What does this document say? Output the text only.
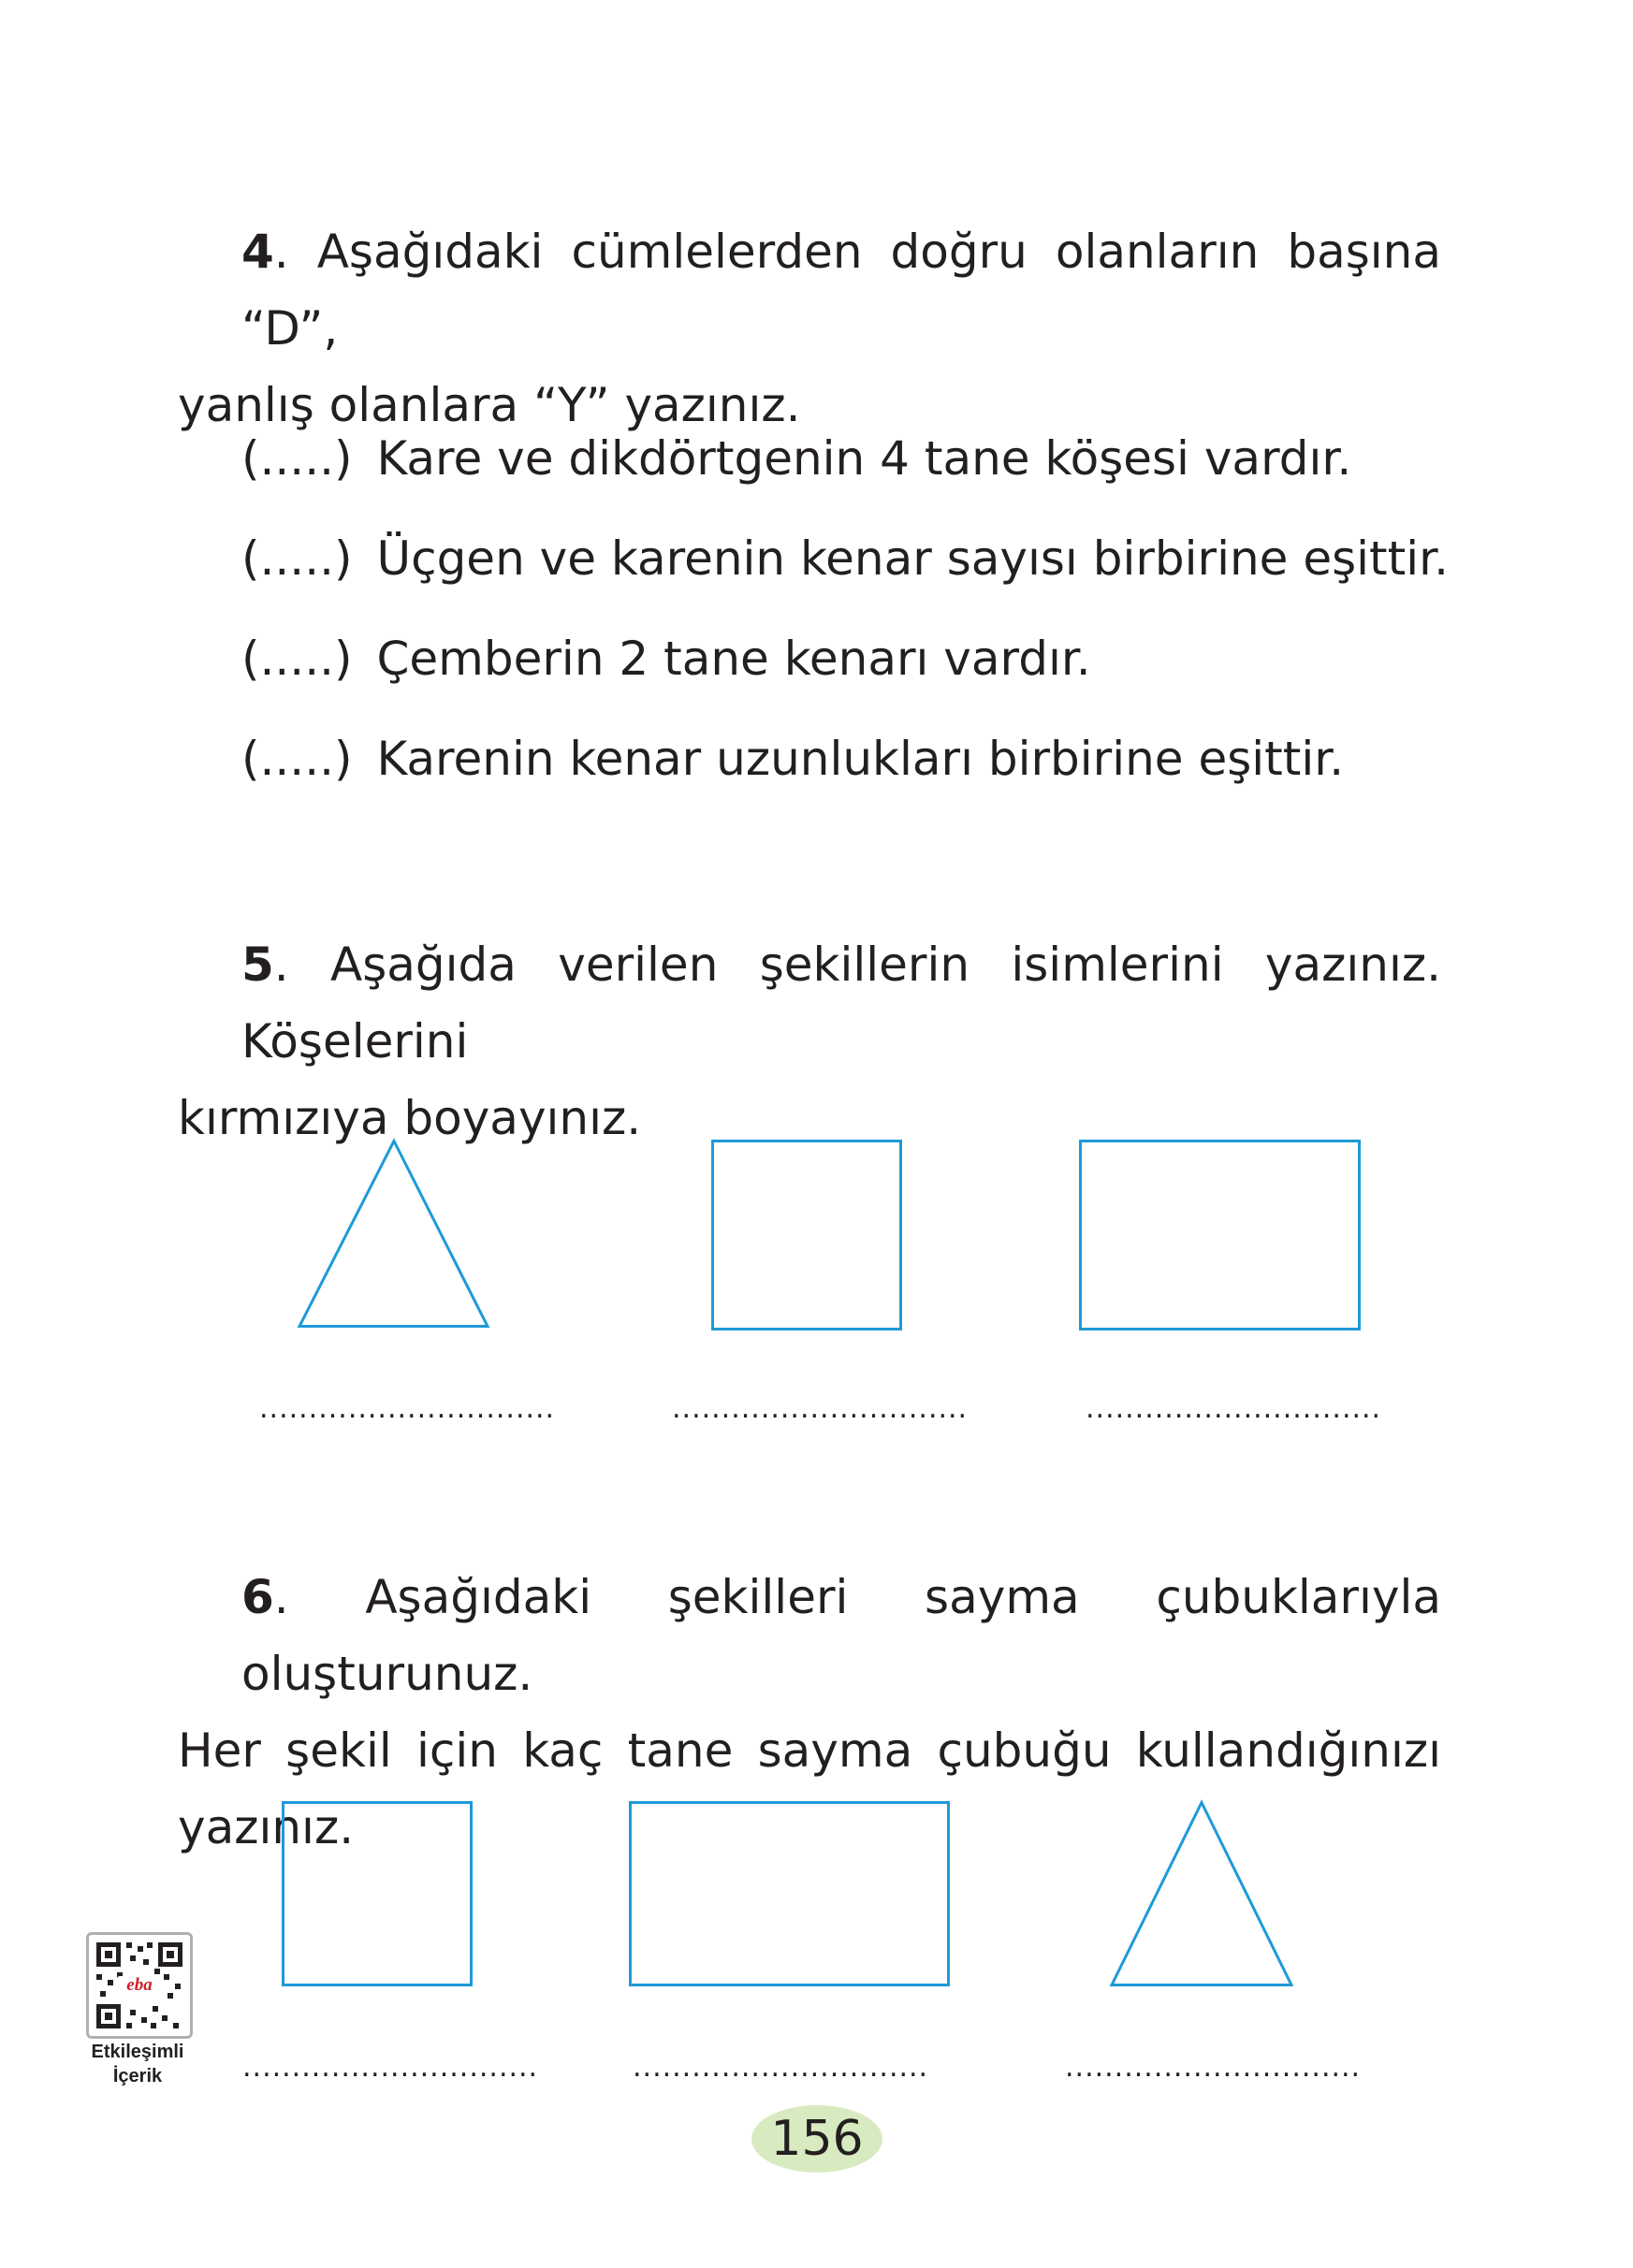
4. Aşağıdaki cümlelerden doğru olanların başına “D”,
yanlış olanlara “Y” yazınız.
(.....) Kare ve dikdörtgenin 4 tane köşesi vardır.
(.....) Üçgen ve karenin kenar sayısı birbirine eşittir.
(.....) Çemberin 2 tane kenarı vardır.
(.....) Karenin kenar uzunlukları birbirine eşittir.
5. Aşağıda verilen şekillerin isimlerini yazınız. Köşelerini
kırmızıya boyayınız.
..............................	..............................	..............................
6. Aşağıdaki şekilleri sayma çubuklarıyla oluşturunuz.
Her şekil için kaç tane sayma çubuğu kullandığınızı yazınız.
..............................	..............................	..............................
eba
Etkileşimli
İçerik
156
